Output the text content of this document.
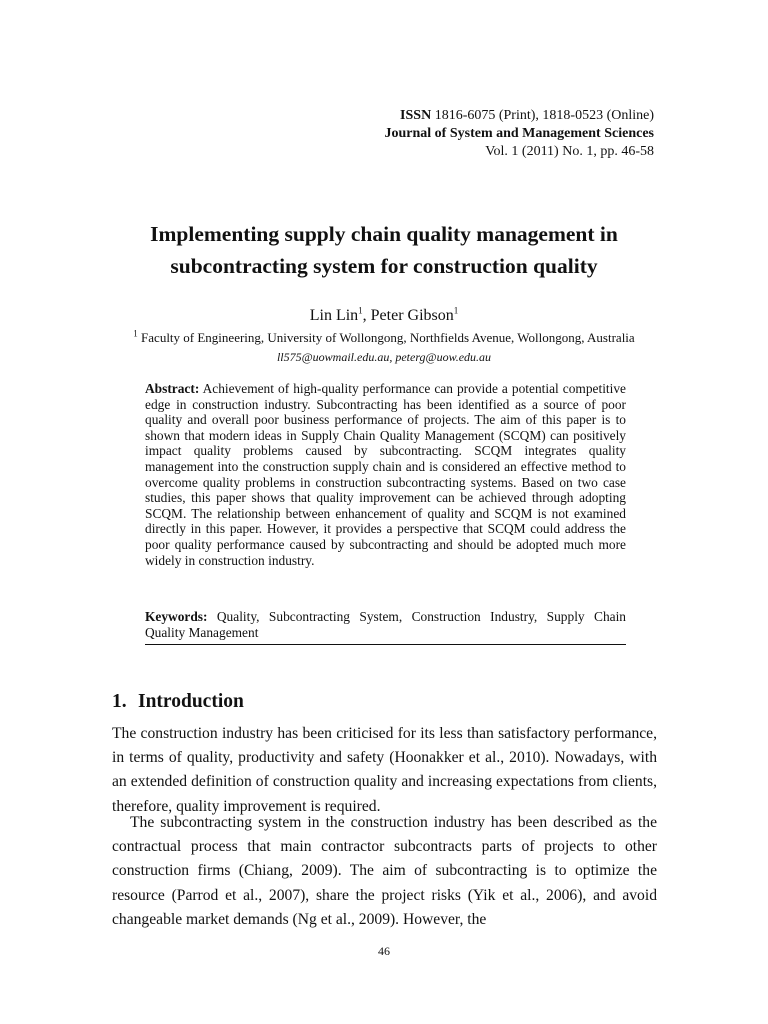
ISSN 1816-6075 (Print), 1818-0523 (Online)
Journal of System and Management Sciences
Vol. 1 (2011) No. 1, pp. 46-58
Implementing supply chain quality management in
subcontracting system for construction quality
Lin Lin$^1$, Peter Gibson$^1$
$^1$ Faculty of Engineering, University of Wollongong, Northfields Avenue, Wollongong, Australia
ll575@uowmail.edu.au, peterg@uow.edu.au

Abstract: Achievement of high-quality performance can provide a potential competitive edge in construction industry. Subcontracting has been identified as a source of poor quality and overall poor business performance of projects. The aim of this paper is to shown that modern ideas in Supply Chain Quality Management (SCQM) can positively impact quality problems caused by subcontracting. SCQM integrates quality management into the construction supply chain and is considered an effective method to overcome quality problems in construction subcontracting systems. Based on two case studies, this paper shows that quality improvement can be achieved through adopting SCQM. The relationship between enhancement of quality and SCQM is not examined directly in this paper. However, it provides a perspective that SCQM could address the poor quality performance caused by subcontracting and should be adopted much more widely in construction industry.

Keywords: Quality, Subcontracting System, Construction Industry, Supply Chain Quality Management

1. Introduction

The construction industry has been criticised for its less than satisfactory performance, in terms of quality, productivity and safety (Hoonakker et al., 2010). Nowadays, with an extended definition of construction quality and increasing expectations from clients, therefore, quality improvement is required.

The subcontracting system in the construction industry has been described as the contractual process that main contractor subcontracts parts of projects to other construction firms (Chiang, 2009). The aim of subcontracting is to optimize the resource (Parrod et al., 2007), share the project risks (Yik et al., 2006), and avoid changeable market demands (Ng et al., 2009). However, the

46
